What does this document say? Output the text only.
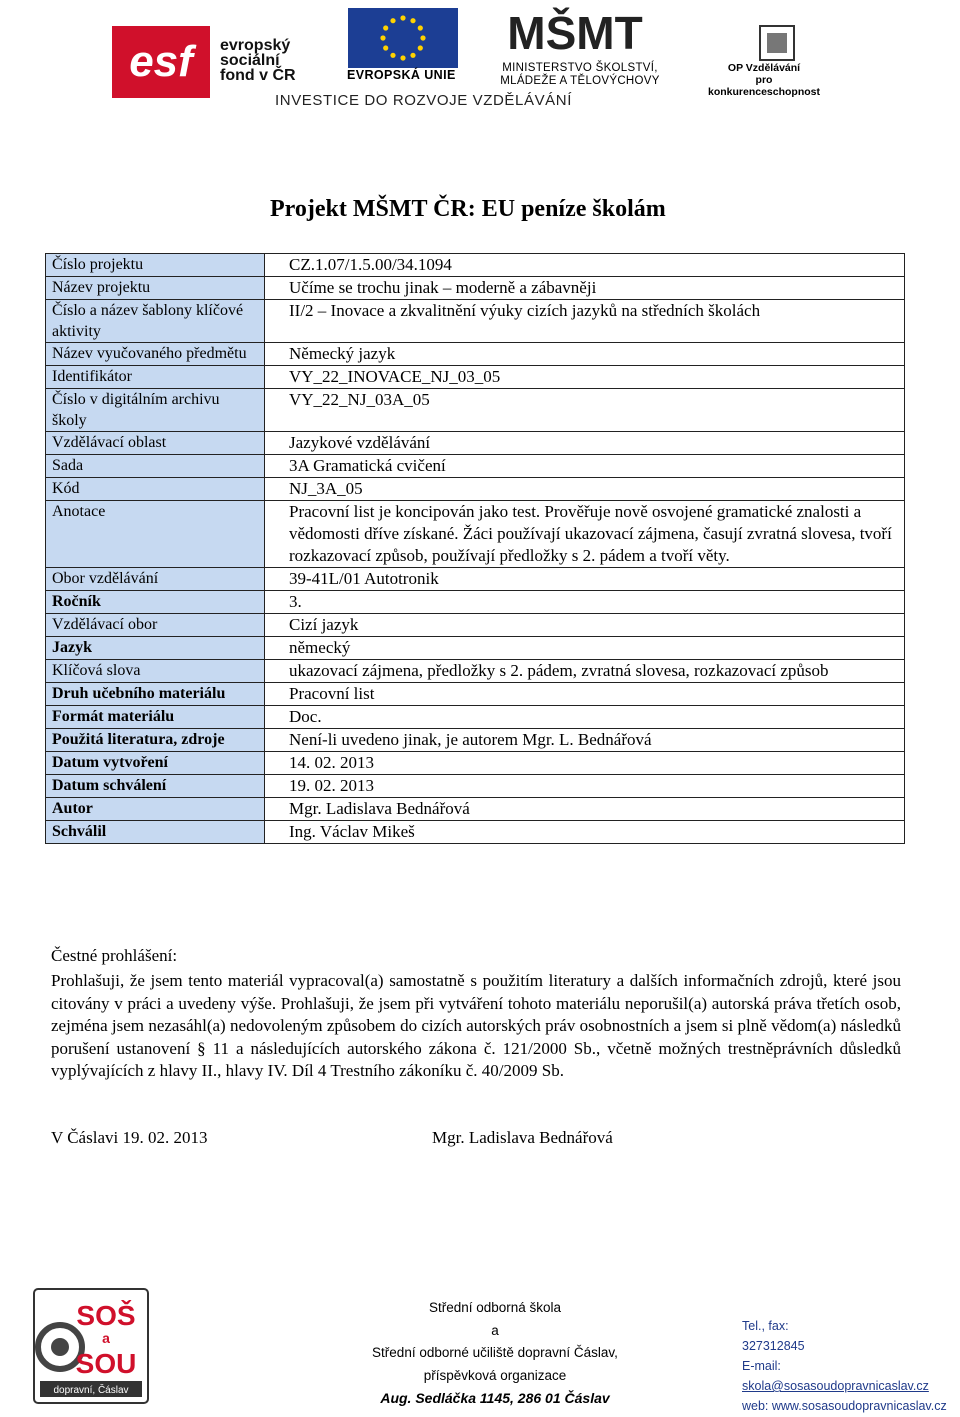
esf evropský
sociální
fond v ČR	EVROPSKÁ UNIE
MŠMT
MINISTERSTVO ŠKOLSTVÍ,
MLÁDEŽE A TĚLOVÝCHOVY
OP Vzdělávání
pro konkurenceschopnost
INVESTICE DO ROZVOJE VZDĚLÁVÁNÍ
Projekt MŠMT ČR: EU peníze školám
Číslo projektu	CZ.1.07/1.5.00/34.1094
Název projektu	Učíme se trochu jinak – moderně a zábavněji
Číslo a název šablony klíčové aktivity	II/2 – Inovace a zkvalitnění výuky cizích jazyků na středních školách
Název vyučovaného předmětu	Německý jazyk
Identifikátor	VY_22_INOVACE_NJ_03_05
Číslo v digitálním archivu školy	VY_22_NJ_03A_05
Vzdělávací oblast	Jazykové vzdělávání
Sada	3A Gramatická cvičení
Kód	NJ_3A_05
Anotace	Pracovní list je koncipován jako test. Prověřuje nově osvojené gramatické znalosti a vědomosti dříve získané. Žáci používají ukazovací zájmena, časují zvratná slovesa, tvoří rozkazovací způsob, používají předložky s 2. pádem a tvoří věty.
Obor vzdělávání	39-41L/01 Autotronik
Ročník	3.
Vzdělávací obor	Cizí jazyk
Jazyk	německý
Klíčová slova	ukazovací zájmena, předložky s 2. pádem, zvratná slovesa, rozkazovací způsob
Druh učebního materiálu	Pracovní list
Formát materiálu	Doc.
Použitá literatura, zdroje	Není-li uvedeno jinak, je autorem Mgr. L. Bednářová
Datum vytvoření	14. 02. 2013
Datum schválení	19. 02. 2013
Autor	Mgr. Ladislava Bednářová
Schválil	Ing. Václav Mikeš
Čestné prohlášení:

Prohlašuji, že jsem tento materiál vypracoval(a) samostatně s použitím literatury a dalších informačních zdrojů, které jsou citovány v práci a uvedeny výše. Prohlašuji, že jsem při vytváření tohoto materiálu neporušil(a) autorská práva třetích osob, zejména jsem nezasáhl(a) nedovoleným způsobem do cizích autorských práv osobnostních a jsem si plně vědom(a) následků porušení ustanovení § 11 a následujících autorského zákona č. 121/2000 Sb., včetně možných trestněprávních důsledků vyplývajících z hlavy II., hlavy IV. Díl 4 Trestního zákoníku č. 40/2009 Sb.

V Čáslavi 19. 02. 2013	Mgr. Ladislava Bednářová
SOŠ
a
SOU
dopravní, Čáslav
Střední odborná škola
a
Střední odborné učiliště dopravní Čáslav,
příspěvková organizace
Aug. Sedláčka 1145, 286 01 Čáslav
Tel., fax:
327312845
E-mail:
skola@sosasoudopravnicaslav.cz
web: www.sosasoudopravnicaslav.cz
